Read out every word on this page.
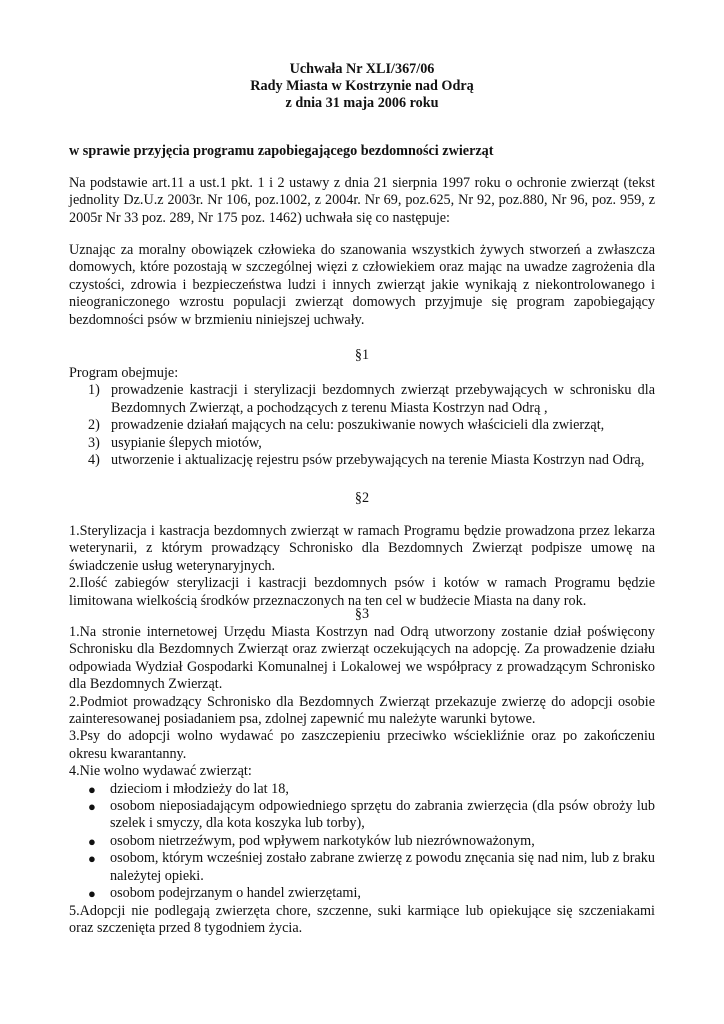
Uchwała Nr XLI/367/06
Rady Miasta w Kostrzynie nad Odrą
z dnia 31 maja 2006 roku
w sprawie przyjęcia programu zapobiegającego bezdomności zwierząt

Na podstawie art.11 a ust.1 pkt. 1 i 2 ustawy z dnia 21 sierpnia 1997 roku o ochronie zwierząt (tekst jednolity Dz.U.z 2003r. Nr 106, poz.1002, z 2004r. Nr 69, poz.625, Nr 92, poz.880, Nr 96, poz. 959, z 2005r Nr 33 poz. 289, Nr 175 poz. 1462) uchwała się co następuje:

Uznając za moralny obowiązek człowieka do szanowania wszystkich żywych stworzeń a zwłaszcza domowych, które pozostają w szczególnej więzi z człowiekiem oraz mając na uwadze zagrożenia dla czystości, zdrowia i bezpieczeństwa ludzi i innych zwierząt jakie wynikają z niekontrolowanego i nieograniczonego wzrostu populacji zwierząt domowych przyjmuje się program zapobiegający bezdomności psów w brzmieniu niniejszej uchwały.

§1

Program obejmuje:

1) prowadzenie kastracji i sterylizacji bezdomnych zwierząt przebywających w schronisku dla Bezdomnych Zwierząt, a pochodzących z terenu Miasta Kostrzyn nad Odrą ,
2) prowadzenie działań mających na celu: poszukiwanie nowych właścicieli dla zwierząt,
3) usypianie ślepych miotów,
4) utworzenie i aktualizację rejestru psów przebywających na terenie Miasta Kostrzyn nad Odrą,
§2

1.Sterylizacja i kastracja bezdomnych zwierząt w ramach Programu będzie prowadzona przez lekarza weterynarii, z którym prowadzący Schronisko dla Bezdomnych Zwierząt podpisze umowę na świadczenie usług weterynaryjnych.

2.Ilość zabiegów sterylizacji i kastracji bezdomnych psów i kotów w ramach Programu będzie limitowana wielkością środków przeznaczonych na ten cel w budżecie Miasta na dany rok.

§3

1.Na stronie internetowej Urzędu Miasta Kostrzyn nad Odrą utworzony zostanie dział poświęcony Schronisku dla Bezdomnych Zwierząt oraz zwierząt oczekujących na adopcję. Za prowadzenie działu odpowiada Wydział Gospodarki Komunalnej i Lokalowej we współpracy z prowadzącym Schronisko dla Bezdomnych Zwierząt.

2.Podmiot prowadzący Schronisko dla Bezdomnych Zwierząt przekazuje zwierzę do adopcji osobie zainteresowanej posiadaniem psa, zdolnej zapewnić mu należyte warunki bytowe.

3.Psy do adopcji wolno wydawać po zaszczepieniu przeciwko wściekliźnie oraz po zakończeniu okresu kwarantanny.

4.Nie wolno wydawać zwierząt:

● dzieciom i młodzieży do lat 18,
● osobom nieposiadającym odpowiedniego sprzętu do zabrania zwierzęcia (dla psów obroży lub szelek i smyczy, dla kota koszyka lub torby),
● osobom nietrzeźwym, pod wpływem narkotyków lub niezrównoważonym,
● osobom, którym wcześniej zostało zabrane zwierzę z powodu znęcania się nad nim, lub z braku należytej opieki.
● osobom podejrzanym o handel zwierzętami,

5.Adopcji nie podlegają zwierzęta chore, szczenne, suki karmiące lub opiekujące się szczeniakami oraz szczenięta przed 8 tygodniem życia.
